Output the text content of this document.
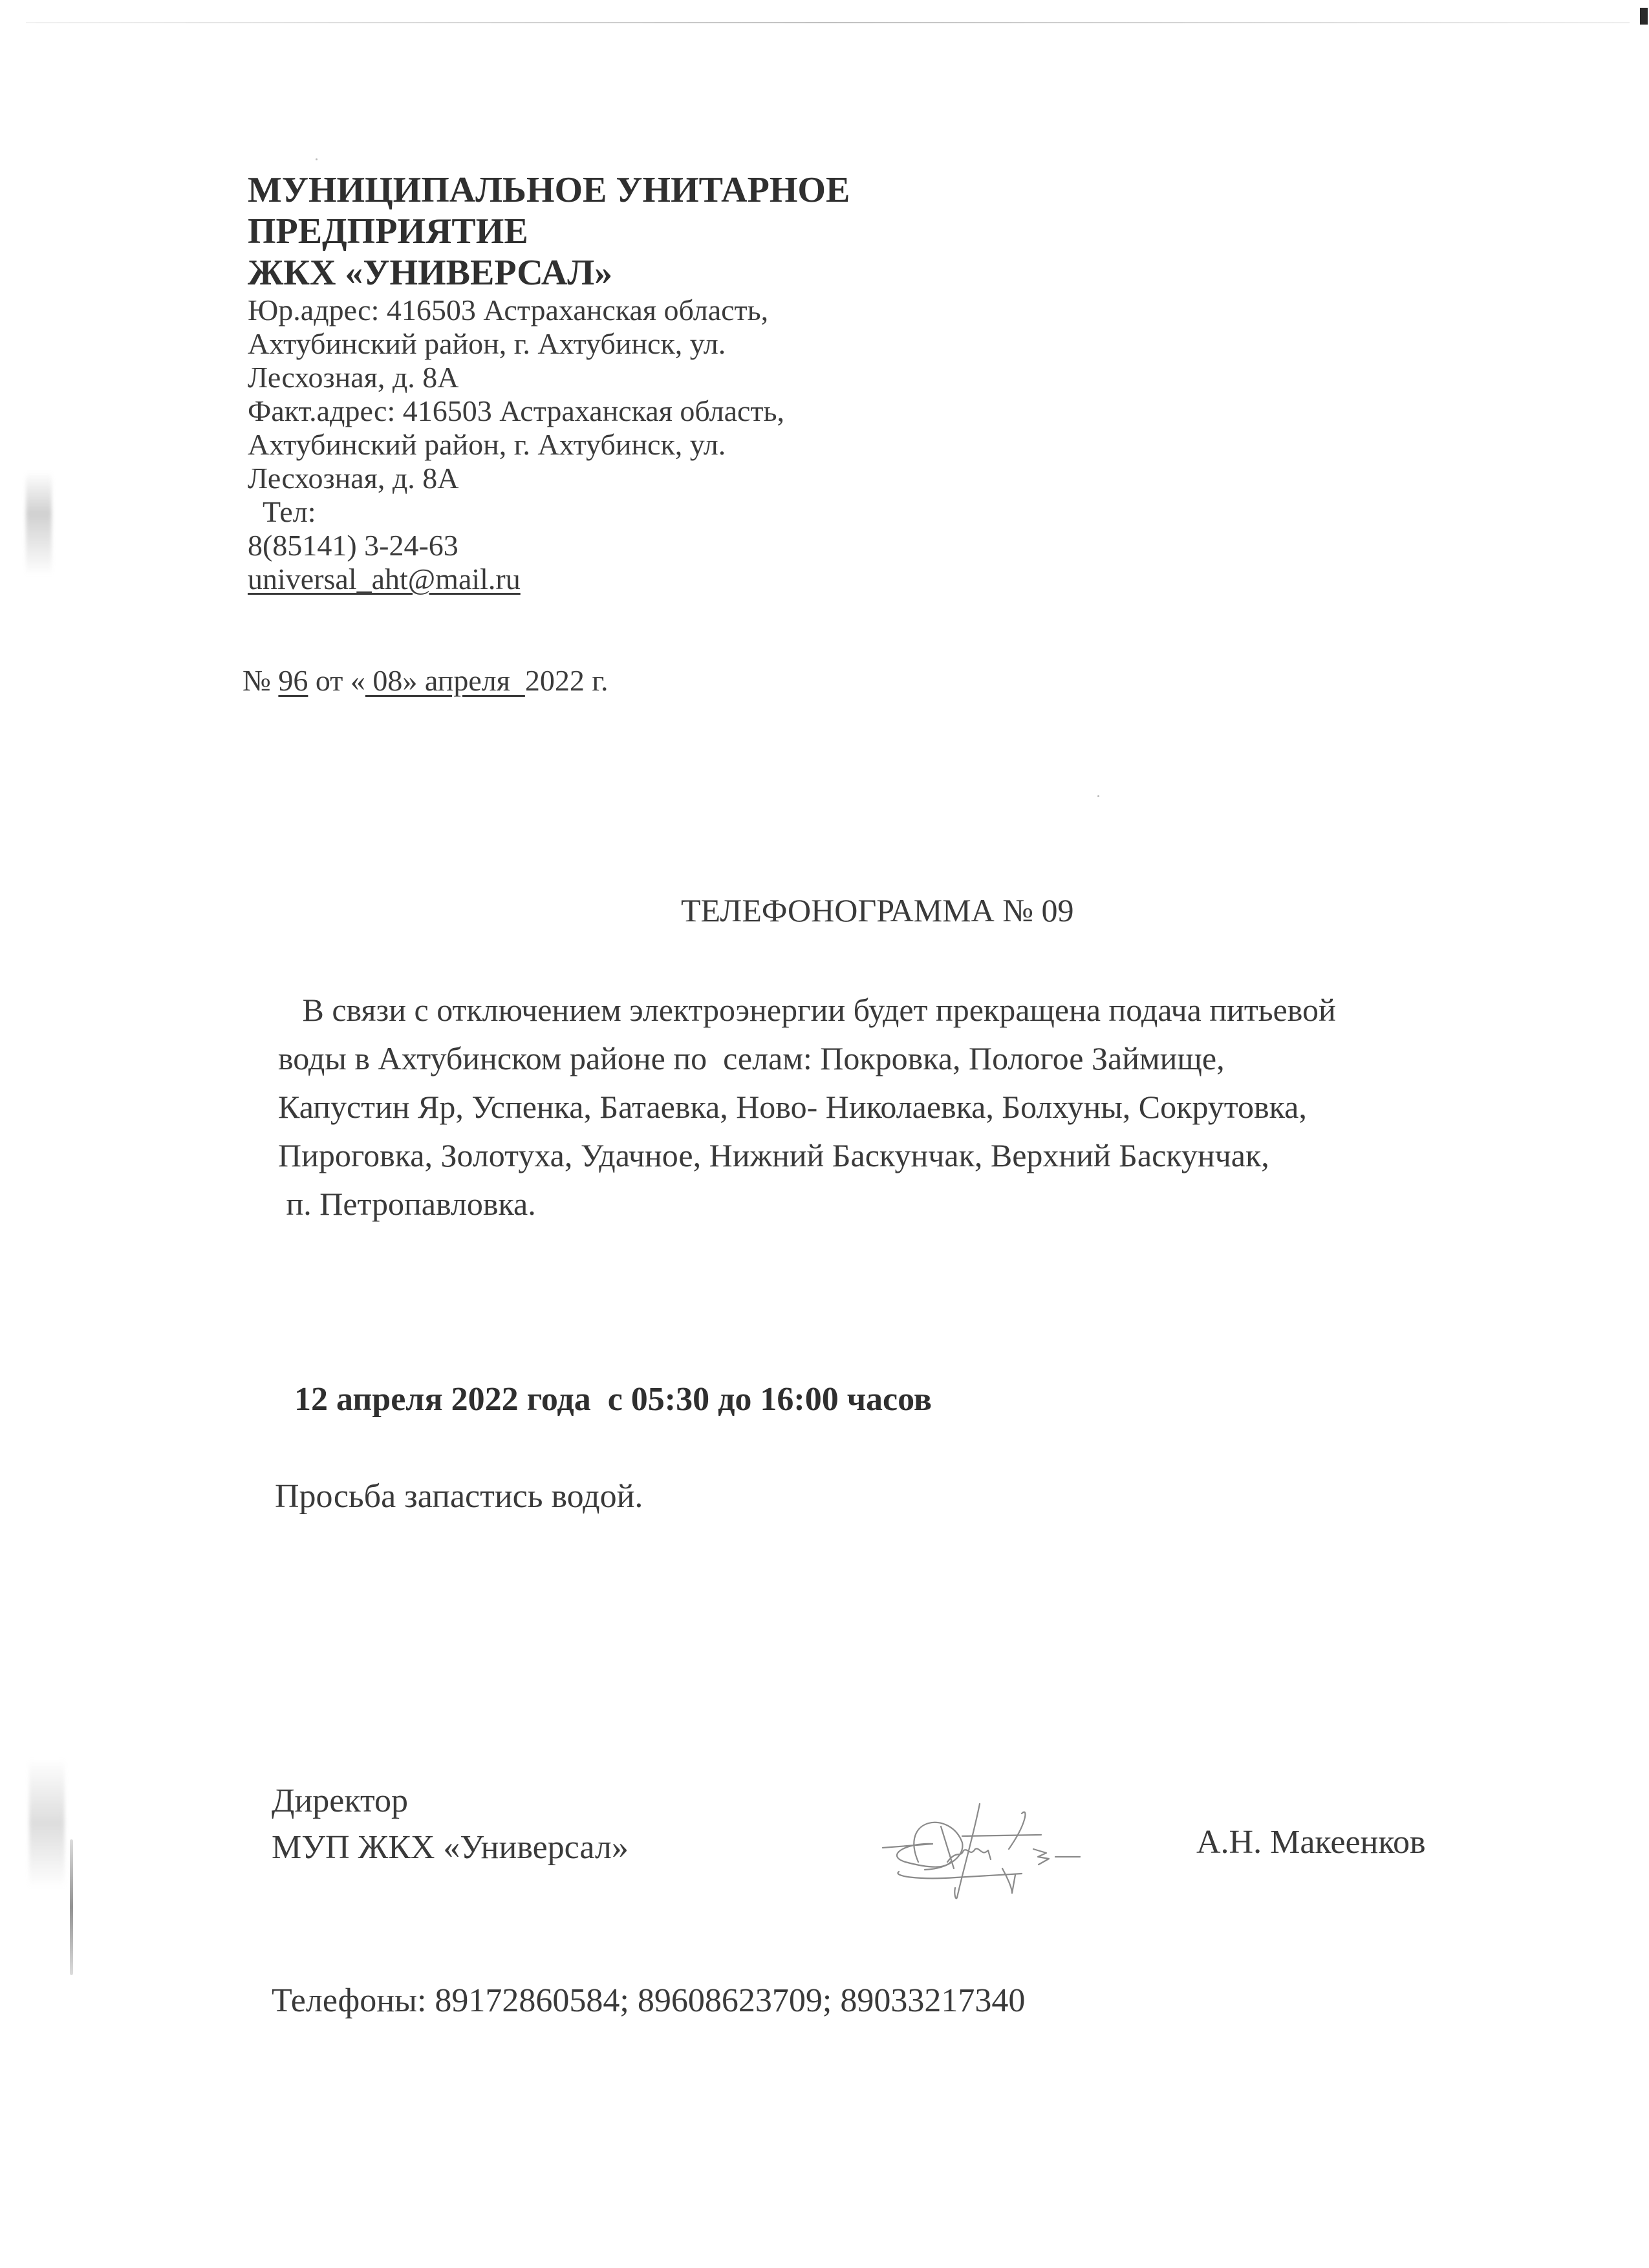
МУНИЦИПАЛЬНОЕ УНИТАРНОЕ

ПРЕДПРИЯТИЕ

ЖКХ «УНИВЕРСАЛ»

Юр.адрес: 416503 Астраханская область,

Ахтубинский район, г. Ахтубинск, ул.

Лесхозная, д. 8А

Факт.адрес: 416503 Астраханская область,

Ахтубинский район, г. Ахтубинск, ул.

Лесхозная, д. 8А

Тел:

8(85141) 3-24-63

universal_aht@mail.ru

№ 96 от « 08» апреля  2022 г.
ТЕЛЕФОНОГРАММА № 09
В связи с отключением электроэнергии будет прекращена подача питьевой
воды в Ахтубинском районе по  селам: Покровка, Пологое Займище,
Капустин Яр, Успенка, Батаевка, Ново- Николаевка, Болхуны, Сокрутовка,
Пироговка, Золотуха, Удачное, Нижний Баскунчак, Верхний Баскунчак,
п. Петропавловка.
12 апреля 2022 года  с 05:30 до 16:00 часов
Просьба запастись водой.
Директор
МУП ЖКХ «Универсал»	А.Н. Макеенков
Телефоны: 89172860584; 89608623709; 89033217340
